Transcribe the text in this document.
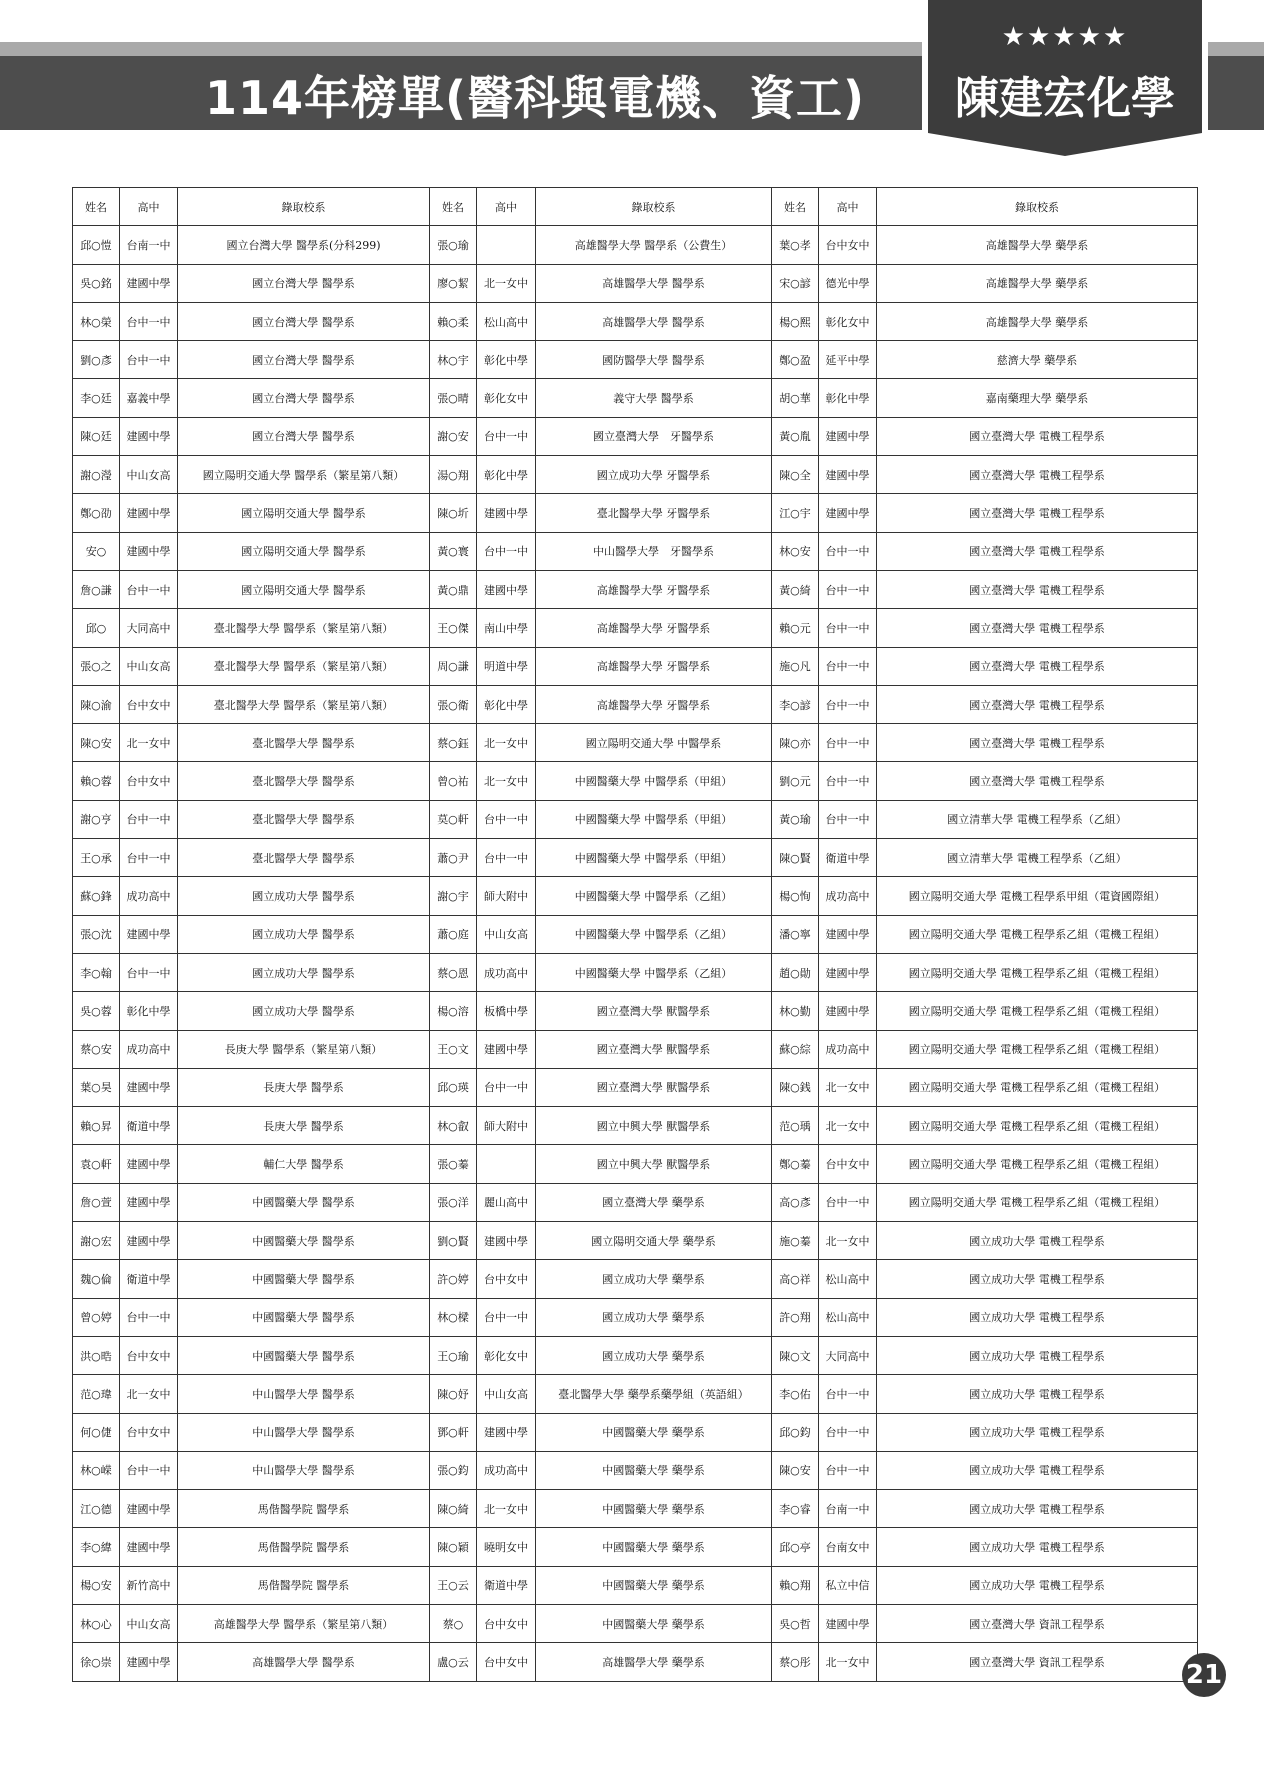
114年榜單(醫科與電機、資工)
★★★★★
陳建宏化學
姓名	高中	錄取校系	姓名	高中	錄取校系	姓名	高中	錄取校系
邱○愷	台南一中	國立台灣大學 醫學系(分科299)	張○瑜		高雄醫學大學 醫學系（公費生）	葉○孝	台中女中	高雄醫學大學 藥學系
吳○銘	建國中學	國立台灣大學 醫學系	廖○絜	北一女中	高雄醫學大學 醫學系	宋○諺	德光中學	高雄醫學大學 藥學系
林○榮	台中一中	國立台灣大學 醫學系	賴○柔	松山高中	高雄醫學大學 醫學系	楊○熙	彰化女中	高雄醫學大學 藥學系
劉○彥	台中一中	國立台灣大學 醫學系	林○宇	彰化中學	國防醫學大學 醫學系	鄭○盈	延平中學	慈濟大學 藥學系
李○廷	嘉義中學	國立台灣大學 醫學系	張○晴	彰化女中	義守大學 醫學系	胡○華	彰化中學	嘉南藥理大學 藥學系
陳○廷	建國中學	國立台灣大學 醫學系	謝○安	台中一中	國立臺灣大學　牙醫學系	黃○胤	建國中學	國立臺灣大學 電機工程學系
謝○瀅	中山女高	國立陽明交通大學 醫學系（繁星第八類）	湯○翔	彰化中學	國立成功大學 牙醫學系	陳○全	建國中學	國立臺灣大學 電機工程學系
鄭○劭	建國中學	國立陽明交通大學 醫學系	陳○圻	建國中學	臺北醫學大學 牙醫學系	江○宇	建國中學	國立臺灣大學 電機工程學系
安○	建國中學	國立陽明交通大學 醫學系	黃○寰	台中一中	中山醫學大學　牙醫學系	林○安	台中一中	國立臺灣大學 電機工程學系
詹○謙	台中一中	國立陽明交通大學 醫學系	黃○鼎	建國中學	高雄醫學大學 牙醫學系	黃○綺	台中一中	國立臺灣大學 電機工程學系
邱○	大同高中	臺北醫學大學 醫學系（繁星第八類）	王○傑	南山中學	高雄醫學大學 牙醫學系	賴○元	台中一中	國立臺灣大學 電機工程學系
張○之	中山女高	臺北醫學大學 醫學系（繁星第八類）	周○謙	明道中學	高雄醫學大學 牙醫學系	施○凡	台中一中	國立臺灣大學 電機工程學系
陳○渝	台中女中	臺北醫學大學 醫學系（繁星第八類）	張○衛	彰化中學	高雄醫學大學 牙醫學系	李○諺	台中一中	國立臺灣大學 電機工程學系
陳○安	北一女中	臺北醫學大學 醫學系	蔡○鈺	北一女中	國立陽明交通大學 中醫學系	陳○亦	台中一中	國立臺灣大學 電機工程學系
賴○蓉	台中女中	臺北醫學大學 醫學系	曾○祐	北一女中	中國醫藥大學 中醫學系（甲組）	劉○元	台中一中	國立臺灣大學 電機工程學系
謝○亨	台中一中	臺北醫學大學 醫學系	莫○軒	台中一中	中國醫藥大學 中醫學系（甲組）	黃○瑜	台中一中	國立清華大學 電機工程學系（乙組）
王○承	台中一中	臺北醫學大學 醫學系	蕭○尹	台中一中	中國醫藥大學 中醫學系（甲組）	陳○賢	衛道中學	國立清華大學 電機工程學系（乙組）
蘇○鋒	成功高中	國立成功大學 醫學系	謝○宇	師大附中	中國醫藥大學 中醫學系（乙組）	楊○恂	成功高中	國立陽明交通大學 電機工程學系甲組（電資國際組）
張○沈	建國中學	國立成功大學 醫學系	蕭○庭	中山女高	中國醫藥大學 中醫學系（乙組）	潘○寧	建國中學	國立陽明交通大學 電機工程學系乙組（電機工程組）
李○翰	台中一中	國立成功大學 醫學系	蔡○恩	成功高中	中國醫藥大學 中醫學系（乙組）	趙○勛	建國中學	國立陽明交通大學 電機工程學系乙組（電機工程組）
吳○蓉	彰化中學	國立成功大學 醫學系	楊○溶	板橋中學	國立臺灣大學 獸醫學系	林○勤	建國中學	國立陽明交通大學 電機工程學系乙組（電機工程組）
蔡○安	成功高中	長庚大學 醫學系（繁星第八類）	王○文	建國中學	國立臺灣大學 獸醫學系	蘇○綜	成功高中	國立陽明交通大學 電機工程學系乙組（電機工程組）
葉○昊	建國中學	長庚大學 醫學系	邱○瑛	台中一中	國立臺灣大學 獸醫學系	陳○銭	北一女中	國立陽明交通大學 電機工程學系乙組（電機工程組）
賴○昇	衛道中學	長庚大學 醫學系	林○叡	師大附中	國立中興大學 獸醫學系	范○瑀	北一女中	國立陽明交通大學 電機工程學系乙組（電機工程組）
袁○軒	建國中學	輔仁大學 醫學系	張○蓁		國立中興大學 獸醫學系	鄭○蓁	台中女中	國立陽明交通大學 電機工程學系乙組（電機工程組）
詹○萱	建國中學	中國醫藥大學 醫學系	張○洋	麗山高中	國立臺灣大學 藥學系	高○彥	台中一中	國立陽明交通大學 電機工程學系乙組（電機工程組）
謝○宏	建國中學	中國醫藥大學 醫學系	劉○賢	建國中學	國立陽明交通大學 藥學系	施○蓁	北一女中	國立成功大學 電機工程學系
魏○倫	衛道中學	中國醫藥大學 醫學系	許○婷	台中女中	國立成功大學 藥學系	高○祥	松山高中	國立成功大學 電機工程學系
曾○婷	台中一中	中國醫藥大學 醫學系	林○樑	台中一中	國立成功大學 藥學系	許○翔	松山高中	國立成功大學 電機工程學系
洪○晧	台中女中	中國醫藥大學 醫學系	王○瑜	彰化女中	國立成功大學 藥學系	陳○文	大同高中	國立成功大學 電機工程學系
范○瑋	北一女中	中山醫學大學 醫學系	陳○妤	中山女高	臺北醫學大學 藥學系藥學組（英語組）	李○佑	台中一中	國立成功大學 電機工程學系
何○倢	台中女中	中山醫學大學 醫學系	鄧○軒	建國中學	中國醫藥大學 藥學系	邱○鈞	台中一中	國立成功大學 電機工程學系
林○嵘	台中一中	中山醫學大學 醫學系	張○鈞	成功高中	中國醫藥大學 藥學系	陳○安	台中一中	國立成功大學 電機工程學系
江○德	建國中學	馬偕醫學院 醫學系	陳○綺	北一女中	中國醫藥大學 藥學系	李○睿	台南一中	國立成功大學 電機工程學系
李○緯	建國中學	馬偕醫學院 醫學系	陳○穎	曉明女中	中國醫藥大學 藥學系	邱○亭	台南女中	國立成功大學 電機工程學系
楊○安	新竹高中	馬偕醫學院 醫學系	王○云	衛道中學	中國醫藥大學 藥學系	賴○翔	私立中信	國立成功大學 電機工程學系
林○心	中山女高	高雄醫學大學 醫學系（繁星第八類）	蔡○	台中女中	中國醫藥大學 藥學系	吳○哲	建國中學	國立臺灣大學 資訊工程學系
徐○崇	建國中學	高雄醫學大學 醫學系	盧○云	台中女中	高雄醫學大學 藥學系	蔡○彤	北一女中	國立臺灣大學 資訊工程學系	21
